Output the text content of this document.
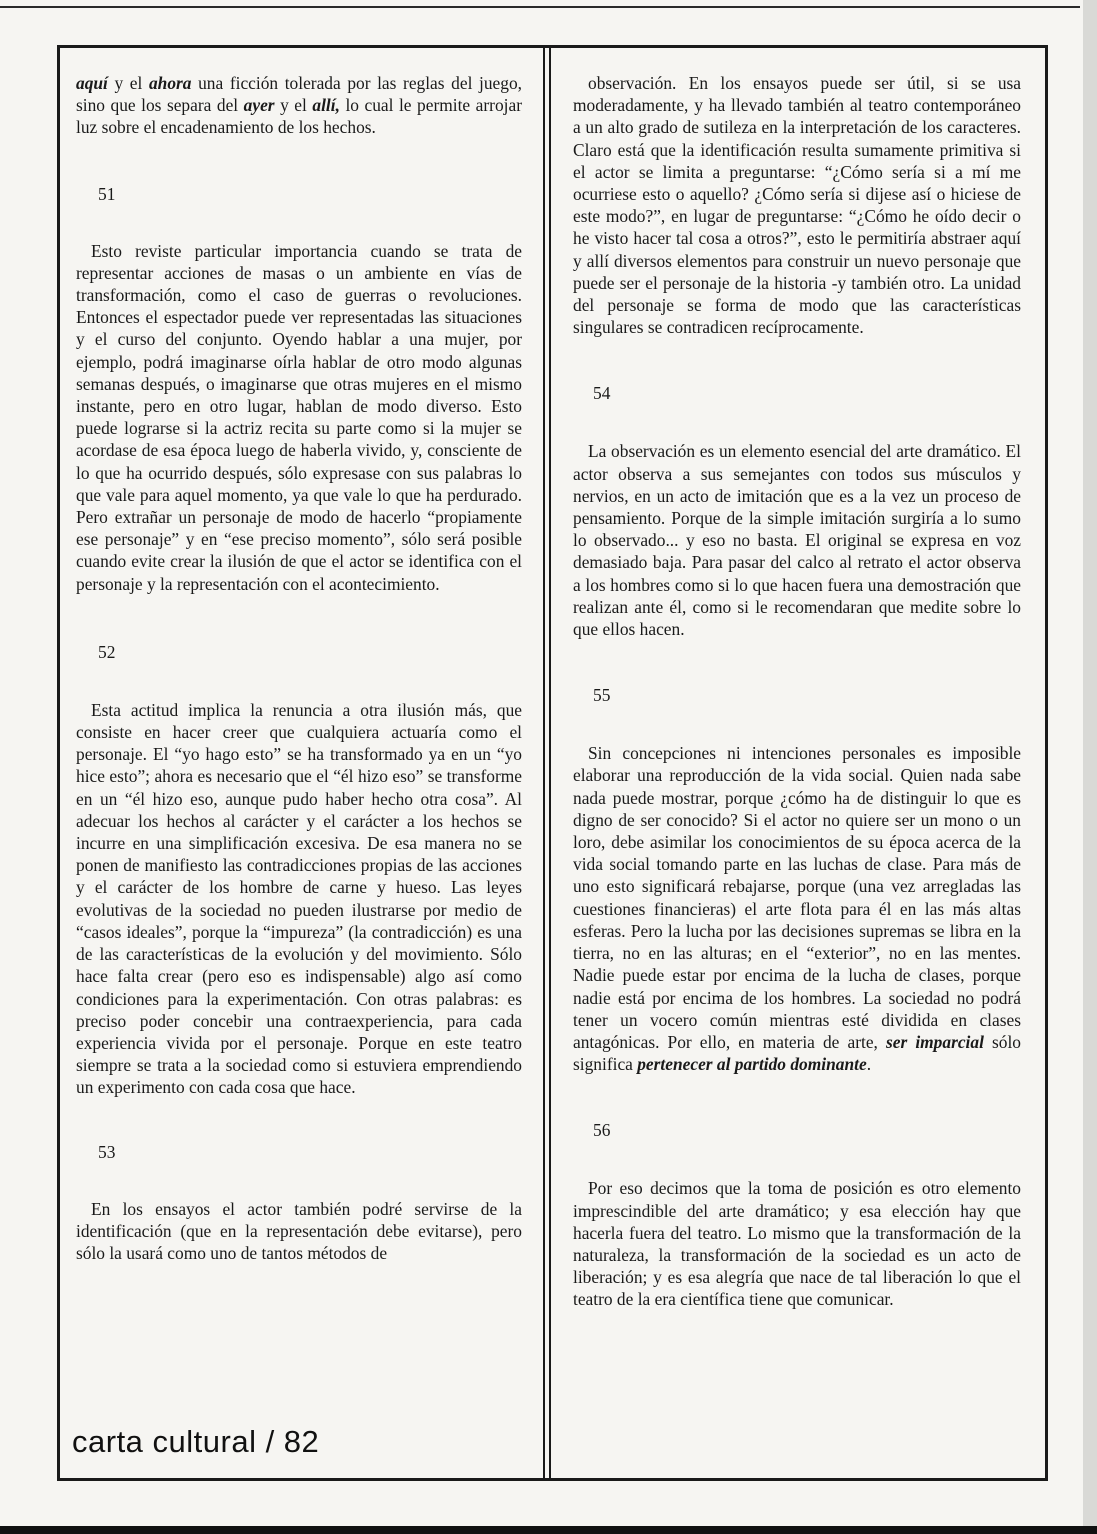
aquí y el ahora una ficción tolerada por las reglas del juego, sino que los separa del ayer y el allí, lo cual le permite arrojar luz sobre el encadenamiento de los hechos.

51

Esto reviste particular importancia cuando se trata de representar acciones de masas o un ambiente en vías de transformación, como el caso de guerras o revoluciones. Entonces el espectador puede ver representadas las situaciones y el curso del conjunto. Oyendo hablar a una mujer, por ejemplo, podrá imaginarse oírla hablar de otro modo algunas semanas después, o imaginarse que otras mujeres en el mismo instante, pero en otro lugar, hablan de modo diverso. Esto puede lograrse si la actriz recita su parte como si la mujer se acordase de esa época luego de haberla vivido, y, consciente de lo que ha ocurrido después, sólo expresase con sus palabras lo que vale para aquel momento, ya que vale lo que ha perdurado. Pero extrañar un personaje de modo de hacerlo “propiamente ese personaje” y en “ese preciso momento”, sólo será posible cuando evite crear la ilusión de que el actor se identifica con el personaje y la representación con el acontecimiento.

52

Esta actitud implica la renuncia a otra ilusión más, que consiste en hacer creer que cualquiera actuaría como el personaje. El “yo hago esto” se ha transformado ya en un “yo hice esto”; ahora es necesario que el “él hizo eso” se transforme en un “él hizo eso, aunque pudo haber hecho otra cosa”. Al adecuar los hechos al carácter y el carácter a los hechos se incurre en una simplificación excesiva. De esa manera no se ponen de manifiesto las contradicciones propias de las acciones y el carácter de los hombre de carne y hueso. Las leyes evolutivas de la sociedad no pueden ilustrarse por medio de “casos ideales”, porque la “impureza” (la contradicción) es una de las características de la evolución y del movimiento. Sólo hace falta crear (pero eso es indispensable) algo así como condiciones para la experimentación. Con otras palabras: es preciso poder concebir una contraexperiencia, para cada experiencia vivida por el personaje. Porque en este teatro siempre se trata a la sociedad como si estuviera emprendiendo un experimento con cada cosa que hace.

53

En los ensayos el actor también podré servirse de la identificación (que en la representación debe evitarse), pero sólo la usará como uno de tantos métodos de

observación. En los ensayos puede ser útil, si se usa moderadamente, y ha llevado también al teatro contemporáneo a un alto grado de sutileza en la interpretación de los caracteres. Claro está que la identificación resulta sumamente primitiva si el actor se limita a preguntarse: “¿Cómo sería si a mí me ocurriese esto o aquello? ¿Cómo sería si dijese así o hiciese de este modo?”, en lugar de preguntarse: “¿Cómo he oído decir o he visto hacer tal cosa a otros?”, esto le permitiría abstraer aquí y allí diversos elementos para construir un nuevo personaje que puede ser el personaje de la historia -y también otro. La unidad del personaje se forma de modo que las características singulares se contradicen recíprocamente.

54

La observación es un elemento esencial del arte dramático. El actor observa a sus semejantes con todos sus músculos y nervios, en un acto de imitación que es a la vez un proceso de pensamiento. Porque de la simple imitación surgiría a lo sumo lo observado... y eso no basta. El original se expresa en voz demasiado baja. Para pasar del calco al retrato el actor observa a los hombres como si lo que hacen fuera una demostración que realizan ante él, como si le recomendaran que medite sobre lo que ellos hacen.

55

Sin concepciones ni intenciones personales es imposible elaborar una reproducción de la vida social. Quien nada sabe nada puede mostrar, porque ¿cómo ha de distinguir lo que es digno de ser conocido? Si el actor no quiere ser un mono o un loro, debe asimilar los conocimientos de su época acerca de la vida social tomando parte en las luchas de clase. Para más de uno esto significará rebajarse, porque (una vez arregladas las cuestiones financieras) el arte flota para él en las más altas esferas. Pero la lucha por las decisiones supremas se libra en la tierra, no en las alturas; en el “exterior”, no en las mentes. Nadie puede estar por encima de la lucha de clases, porque nadie está por encima de los hombres. La sociedad no podrá tener un vocero común mientras esté dividida en clases antagónicas. Por ello, en materia de arte, ser imparcial sólo significa pertenecer al partido dominante.

56

Por eso decimos que la toma de posición es otro elemento imprescindible del arte dramático; y esa elección hay que hacerla fuera del teatro. Lo mismo que la transformación de la naturaleza, la transformación de la sociedad es un acto de liberación; y es esa alegría que nace de tal liberación lo que el teatro de la era científica tiene que comunicar.

carta cultural / 82
